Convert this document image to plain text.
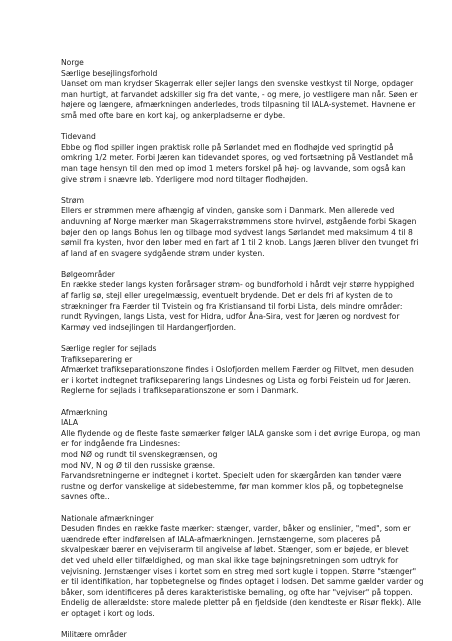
Norge
Særlige besejlingsforhold
Uanset om man krydser Skagerrak eller sejler langs den svenske vestkyst til Norge, opdager
man hurtigt, at farvandet adskiller sig fra det vante, - og mere, jo vestligere man når. Søen er
højere og længere, afmærkningen anderledes, trods tilpasning til IALA-systemet. Havnene er
små med ofte bare en kort kaj, og ankerpladserne er dybe.
Tidevand
Ebbe og flod spiller ingen praktisk rolle på Sørlandet med en flodhøjde ved springtid på
omkring 1/2 meter. Forbi Jæren kan tidevandet spores, og ved fortsætning på Vestlandet må
man tage hensyn til den med op imod 1 meters forskel på høj- og lavvande, som også kan
give strøm i snævre løb. Yderligere mod nord tiltager flodhøjden.
Strøm
Ellers er strømmen mere afhængig af vinden, ganske som i Danmark. Men allerede ved
anduvning af Norge mærker man Skagerrakstrømmens store hvirvel, østgående forbi Skagen
bøjer den op langs Bohus len og tilbage mod sydvest langs Sørlandet med maksimum 4 til 8
sømil fra kysten, hvor den løber med en fart af 1 til 2 knob. Langs Jæren bliver den tvunget fri
af land af en svagere sydgående strøm under kysten.
Bølgeområder
En række steder langs kysten forårsager strøm- og bundforhold i hårdt vejr større hyppighed
af farlig sø, stejl eller uregelmæssig, eventuelt brydende. Det er dels fri af kysten de to
strækninger fra Færder til Tvistein og fra Kristiansand til forbi Lista, dels mindre områder:
rundt Ryvingen, langs Lista, vest for Hidra, udfor Åna-Sira, vest for Jæren og nordvest for
Karmøy ved indsejlingen til Hardangerfjorden.
Særlige regler for sejlads
Trafikseparering er
Afmærket trafikseparationszone findes i Oslofjorden mellem Færder og Filtvet, men desuden
er i kortet indtegnet trafikseparering langs Lindesnes og Lista og forbi Feistein ud for Jæren.
Reglerne for sejlads i trafikseparationszone er som i Danmark.
Afmærkning
IALA
Alle flydende og de fleste faste sømærker følger IALA ganske som i det øvrige Europa, og man
er for indgående fra Lindesnes:
mod NØ og rundt til svenskegrænsen, og
mod NV, N og Ø til den russiske grænse.
Farvandsretningerne er indtegnet i kortet. Specielt uden for skærgården kan tønder være
rustne og derfor vanskelige at sidebestemme, før man kommer klos på, og topbetegnelse
savnes ofte..
Nationale afmærkninger
Desuden findes en række faste mærker: stænger, varder, båker og enslinier, "med", som er
uændrede efter indførelsen af IALA-afmærkningen. Jernstængerne, som placeres på
skvalpeskær bærer en vejviserarm til angivelse af løbet. Stænger, som er bøjede, er blevet
det ved uheld eller tilfældighed, og man skal ikke tage bøjningsretningen som udtryk for
vejvisning. Jernstænger vises i kortet som en streg med sort kugle i toppen. Større "stænger"
er til identifikation, har topbetegnelse og findes optaget i lodsen. Det samme gælder varder og
båker, som identificeres på deres karakteristiske bemaling, og ofte har "vejviser" på toppen.
Endelig de allerældste: store malede pletter på en fjeldside (den kendteste er Risør flekk). Alle
er optaget i kort og lods.
Militære områder
